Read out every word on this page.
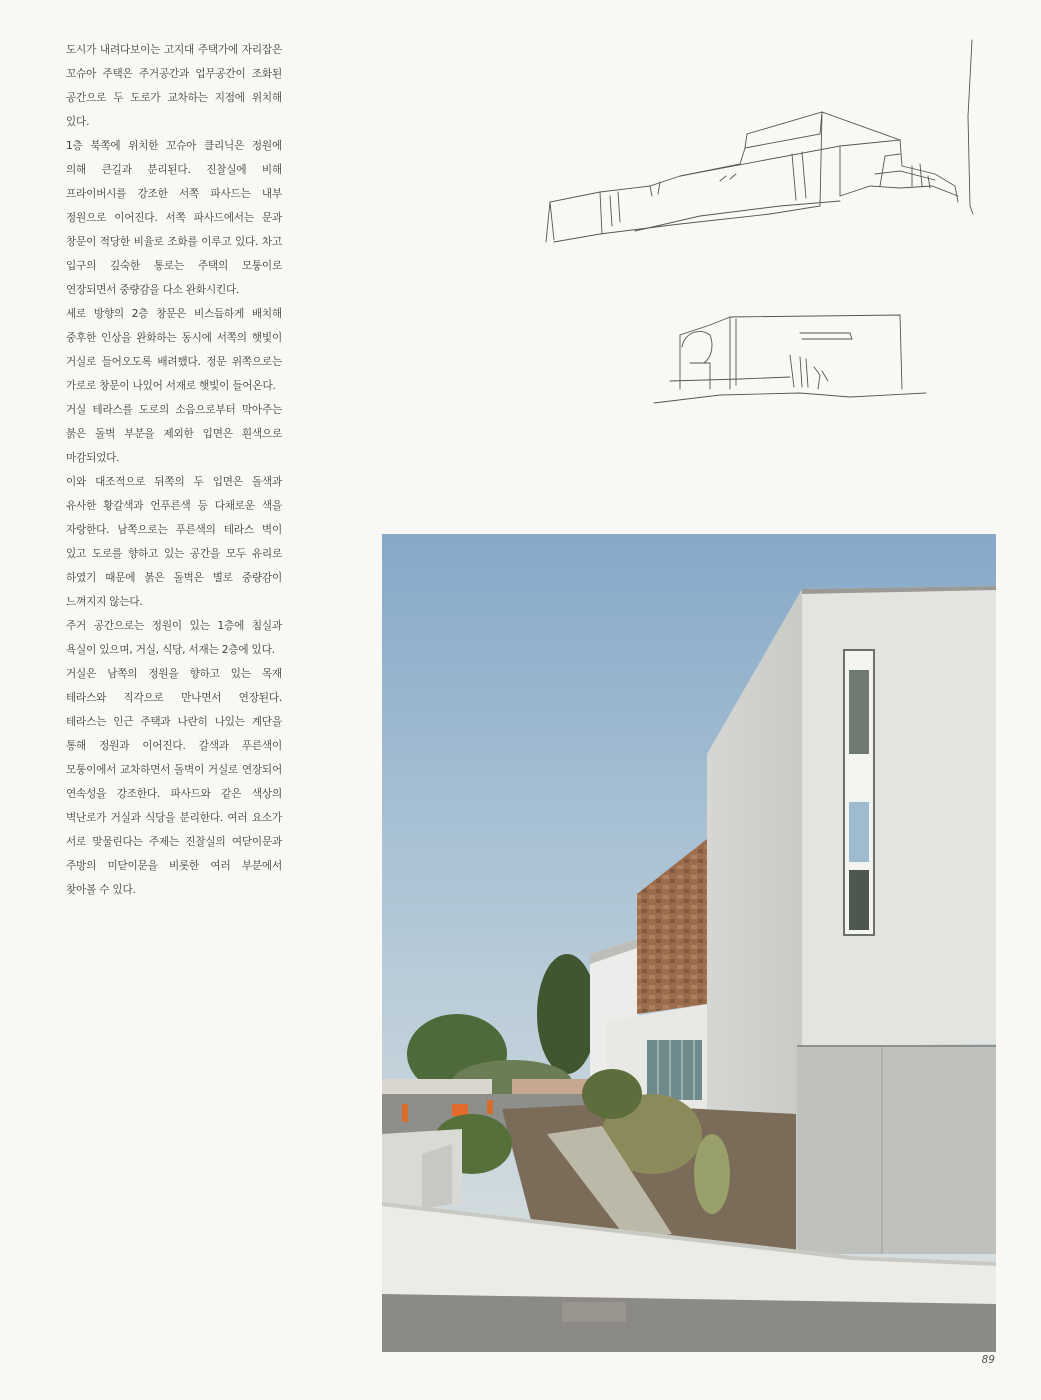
도시가 내려다보이는 고지대 주택가에 자리잡은 꼬슈아 주택은 주거공간과 업무공간이 조화된 공간으로 두 도로가 교차하는 지점에 위치해 있다.

1층 북쪽에 위치한 꼬슈아 클리닉은 정원에 의해 큰길과 분리된다. 진찰실에 비해 프라이버시를 강조한 서쪽 파사드는 내부 정원으로 이어진다. 서쪽 파사드에서는 문과 창문이 적당한 비율로 조화를 이루고 있다. 차고 입구의 깊숙한 통로는 주택의 모퉁이로 연장되면서 중량감을 다소 완화시킨다.

세로 방향의 2층 창문은 비스듬하게 배치해 중후한 인상을 완화하는 동시에 서쪽의 햇빛이 거실로 들어오도록 배려했다. 정문 위쪽으로는 가로로 창문이 나있어 서재로 햇빛이 들어온다.

거실 테라스를 도로의 소음으로부터 막아주는 붉은 돌벽 부분을 제외한 입면은 흰색으로 마감되었다.

이와 대조적으로 뒤쪽의 두 입면은 돌색과 유사한 황갈색과 언푸른색 등 다채로운 색을 자랑한다. 남쪽으로는 푸른색의 테라스 벽이 있고 도로를 향하고 있는 공간을 모두 유리로 하였기 때문에 붉은 돌벽은 별로 중량감이 느껴지지 않는다.

주거 공간으로는 정원이 있는 1층에 침실과 욕실이 있으며, 거실, 식당, 서재는 2층에 있다.

거실은 남쪽의 정원을 향하고 있는 목재 테라스와 직각으로 만나면서 연장된다. 테라스는 인근 주택과 나란히 나있는 계단을 통해 정원과 이어진다. 갈색과 푸른색이 모퉁이에서 교차하면서 돌벽이 거실로 연장되어 연속성을 강조한다. 파사드와 같은 색상의 벽난로가 거실과 식당을 분리한다. 여러 요소가 서로 맞물린다는 주제는 진찰실의 여닫이문과 주방의 미닫이문을 비롯한 여러 부분에서 찾아볼 수 있다.

89
